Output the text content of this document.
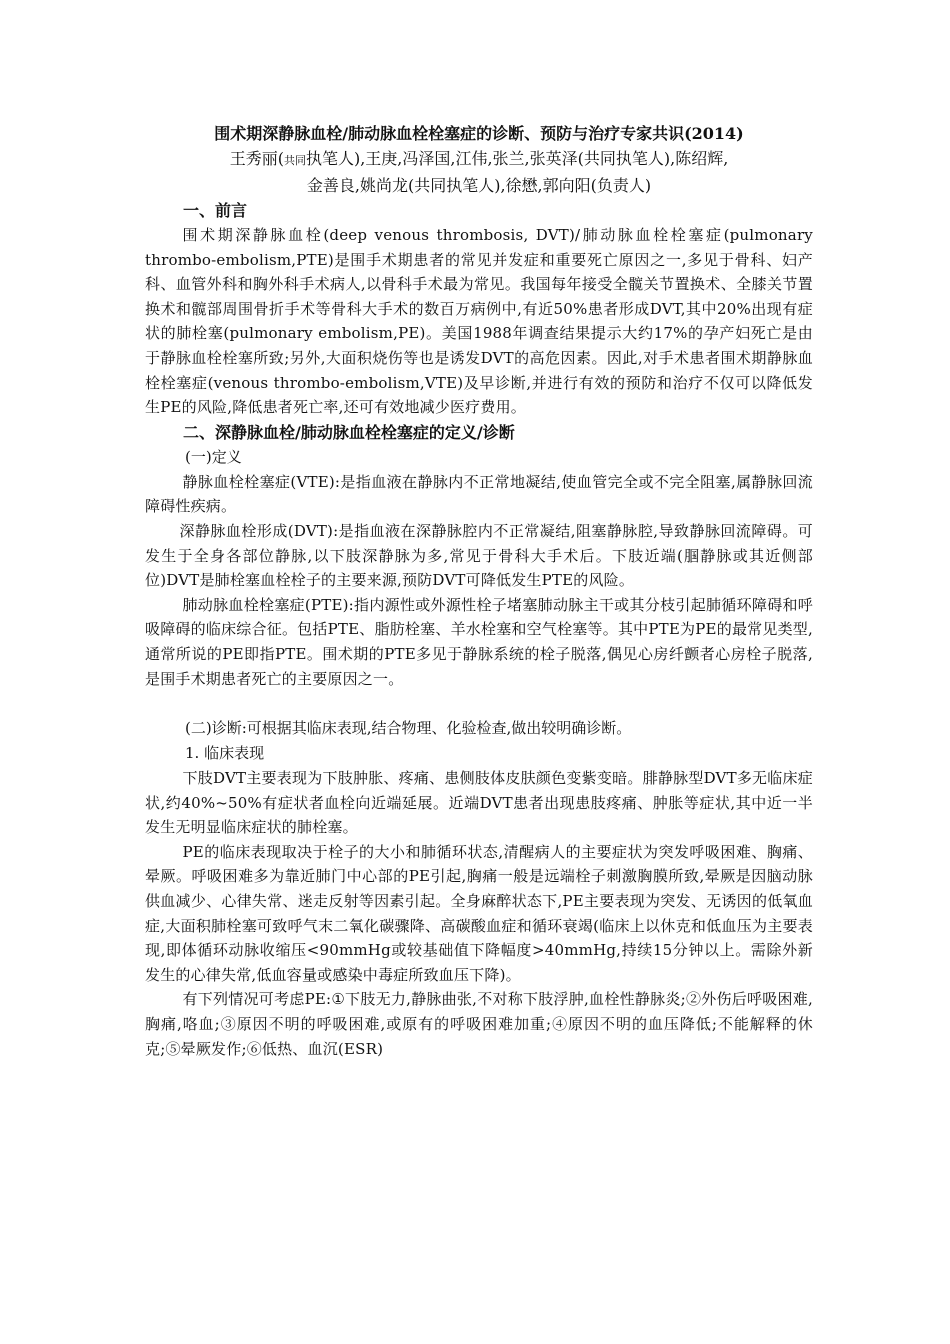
围术期深静脉血栓/肺动脉血栓栓塞症的诊断、预防与治疗专家共识(2014)

王秀丽(共同执笔人),王庚,冯泽国,江伟,张兰,张英泽(共同执笔人),陈绍辉,

金善良,姚尚龙(共同执笔人),徐懋,郭向阳(负责人)

一、前言

围术期深静脉血栓(deep venous thrombosis, DVT)/肺动脉血栓栓塞症(pulmonary thrombo-embolism,PTE)是围手术期患者的常见并发症和重要死亡原因之一,多见于骨科、妇产科、血管外科和胸外科手术病人,以骨科手术最为常见。我国每年接受全髋关节置换术、全膝关节置换术和髋部周围骨折手术等骨科大手术的数百万病例中,有近50%患者形成DVT,其中20%出现有症状的肺栓塞(pulmonary embolism,PE)。美国1988年调查结果提示大约17%的孕产妇死亡是由于静脉血栓栓塞所致;另外,大面积烧伤等也是诱发DVT的高危因素。因此,对手术患者围术期静脉血栓栓塞症(venous thrombo-embolism,VTE)及早诊断,并进行有效的预防和治疗不仅可以降低发生PE的风险,降低患者死亡率,还可有效地减少医疗费用。

二、深静脉血栓/肺动脉血栓栓塞症的定义/诊断

(一)定义

静脉血栓栓塞症(VTE):是指血液在静脉内不正常地凝结,使血管完全或不完全阻塞,属静脉回流障碍性疾病。

深静脉血栓形成(DVT):是指血液在深静脉腔内不正常凝结,阻塞静脉腔,导致静脉回流障碍。可发生于全身各部位静脉,以下肢深静脉为多,常见于骨科大手术后。下肢近端(腘静脉或其近侧部位)DVT是肺栓塞血栓栓子的主要来源,预防DVT可降低发生PTE的风险。

肺动脉血栓栓塞症(PTE):指内源性或外源性栓子堵塞肺动脉主干或其分枝引起肺循环障碍和呼吸障碍的临床综合征。包括PTE、脂肪栓塞、羊水栓塞和空气栓塞等。其中PTE为PE的最常见类型,通常所说的PE即指PTE。围术期的PTE多见于静脉系统的栓子脱落,偶见心房纤颤者心房栓子脱落,是围手术期患者死亡的主要原因之一。

(二)诊断:可根据其临床表现,结合物理、化验检查,做出较明确诊断。

1. 临床表现

下肢DVT主要表现为下肢肿胀、疼痛、患侧肢体皮肤颜色变紫变暗。腓静脉型DVT多无临床症状,约40%~50%有症状者血栓向近端延展。近端DVT患者出现患肢疼痛、肿胀等症状,其中近一半发生无明显临床症状的肺栓塞。

PE的临床表现取决于栓子的大小和肺循环状态,清醒病人的主要症状为突发呼吸困难、胸痛、晕厥。呼吸困难多为靠近肺门中心部的PE引起,胸痛一般是远端栓子刺激胸膜所致,晕厥是因脑动脉供血减少、心律失常、迷走反射等因素引起。全身麻醉状态下,PE主要表现为突发、无诱因的低氧血症,大面积肺栓塞可致呼气末二氧化碳骤降、高碳酸血症和循环衰竭(临床上以休克和低血压为主要表现,即体循环动脉收缩压<90mmHg或较基础值下降幅度>40mmHg,持续15分钟以上。需除外新发生的心律失常,低血容量或感染中毒症所致血压下降)。

有下列情况可考虑PE:①下肢无力,静脉曲张,不对称下肢浮肿,血栓性静脉炎;②外伤后呼吸困难,胸痛,咯血;③原因不明的呼吸困难,或原有的呼吸困难加重;④原因不明的血压降低;不能解释的休克;⑤晕厥发作;⑥低热、血沉(ESR)
